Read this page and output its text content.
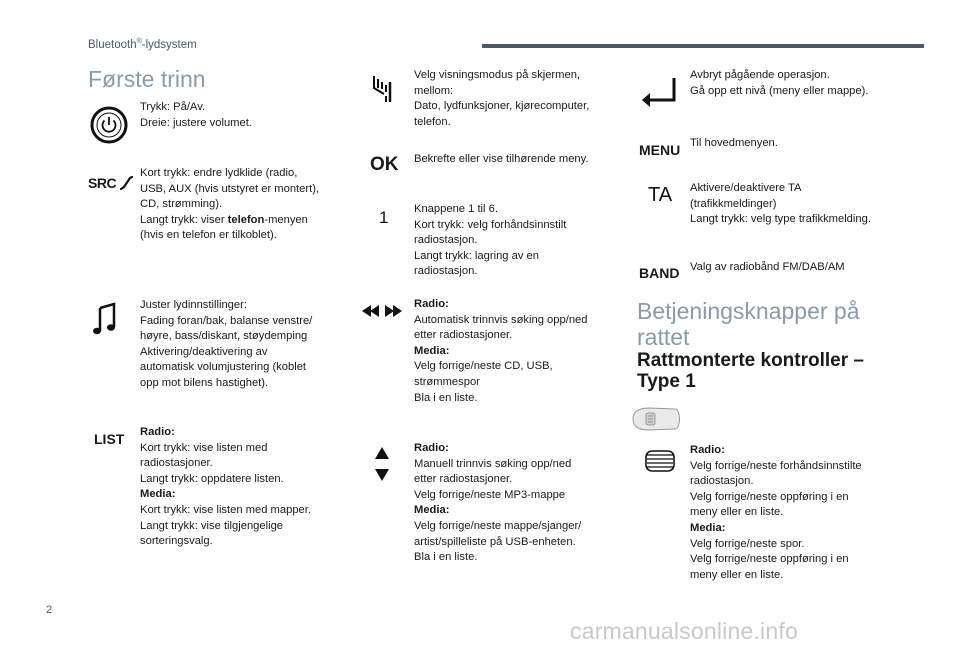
Bluetooth®-lydsystem
Første trinn
Trykk: På/Av.
Dreie: justere volumet.
SRC
Kort trykk: endre lydklide (radio,
USB, AUX (hvis utstyret er montert),
CD, strømming).
Langt trykk: viser telefon-menyen
(hvis en telefon er tilkoblet).
Juster lydinnstillinger:
Fading foran/bak, balanse venstre/
høyre, bass/diskant, støydemping
Aktivering/deaktivering av
automatisk volumjustering (koblet
opp mot bilens hastighet).
LIST Radio:
Kort trykk: vise listen med
radiostasjoner.
Langt trykk: oppdatere listen.
Media:
Kort trykk: vise listen med mapper.
Langt trykk: vise tilgjengelige
sorteringsvalg.
Velg visningsmodus på skjermen,
mellom:
Dato, lydfunksjoner, kjørecomputer,
telefon.
OK Bekrefte eller vise tilhørende meny.
1 Knappene 1 til 6.
Kort trykk: velg forhåndsinnstilt
radiostasjon.
Langt trykk: lagring av en
radiostasjon.
Radio:
Automatisk trinnvis søking opp/ned
etter radiostasjoner.
Media:
Velg forrige/neste CD, USB,
strømmespor
Bla i en liste.
Radio:
Manuell trinnvis søking opp/ned
etter radiostasjoner.
Velg forrige/neste MP3-mappe
Media:
Velg forrige/neste mappe/sjanger/
artist/spilleliste på USB-enheten.
Bla i en liste.
Avbryt pågående operasjon.
Gå opp ett nivå (meny eller mappe).
MENU Til hovedmenyen.
TA Aktivere/deaktivere TA
(trafikkmeldinger)
Langt trykk: velg type trafikkmelding.
BAND Valg av radiobånd FM/DAB/AM
Betjeningsknapper på
rattet
Rattmonterte kontroller –
Type 1
Radio:
Velg forrige/neste forhåndsinnstilte
radiostasjon.
Velg forrige/neste oppføring i en
meny eller en liste.
Media:
Velg forrige/neste spor.
Velg forrige/neste oppføring i en
meny eller en liste.
2
carmanualsonline.info
